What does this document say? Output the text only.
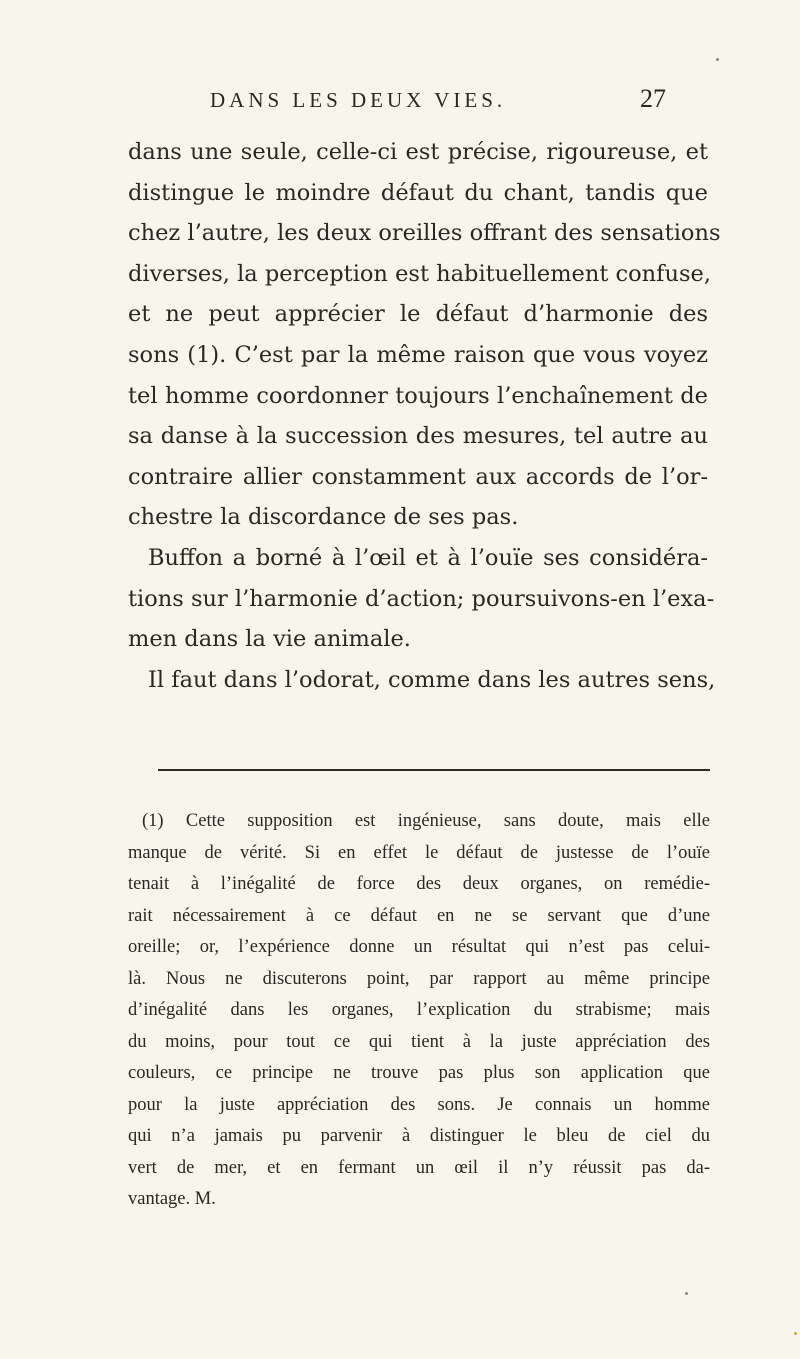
DANS LES DEUX VIES.	27
dans une seule, celle-ci est précise, rigoureuse, et
distingue le moindre défaut du chant, tandis que
chez l’autre, les deux oreilles offrant des sensations
diverses, la perception est habituellement confuse,
et ne peut apprécier le défaut d’harmonie des
sons (1). C’est par la même raison que vous voyez
tel homme coordonner toujours l’enchaînement de
sa danse à la succession des mesures, tel autre au
contraire allier constamment aux accords de l’or-
chestre la discordance de ses pas.
Buffon a borné à l’œil et à l’ouïe ses considéra-
tions sur l’harmonie d’action; poursuivons-en l’exa-
men dans la vie animale.
Il faut dans l’odorat, comme dans les autres sens,
(1) Cette supposition est ingénieuse, sans doute, mais elle
manque de vérité. Si en effet le défaut de justesse de l’ouïe
tenait à l’inégalité de force des deux organes, on remédie-
rait nécessairement à ce défaut en ne se servant que d’une
oreille; or, l’expérience donne un résultat qui n’est pas celui-
là. Nous ne discuterons point, par rapport au même principe
d’inégalité dans les organes, l’explication du strabisme; mais
du moins, pour tout ce qui tient à la juste appréciation des
couleurs, ce principe ne trouve pas plus son application que
pour la juste appréciation des sons. Je connais un homme
qui n’a jamais pu parvenir à distinguer le bleu de ciel du
vert de mer, et en fermant un œil il n’y réussit pas da-
vantage. M.
